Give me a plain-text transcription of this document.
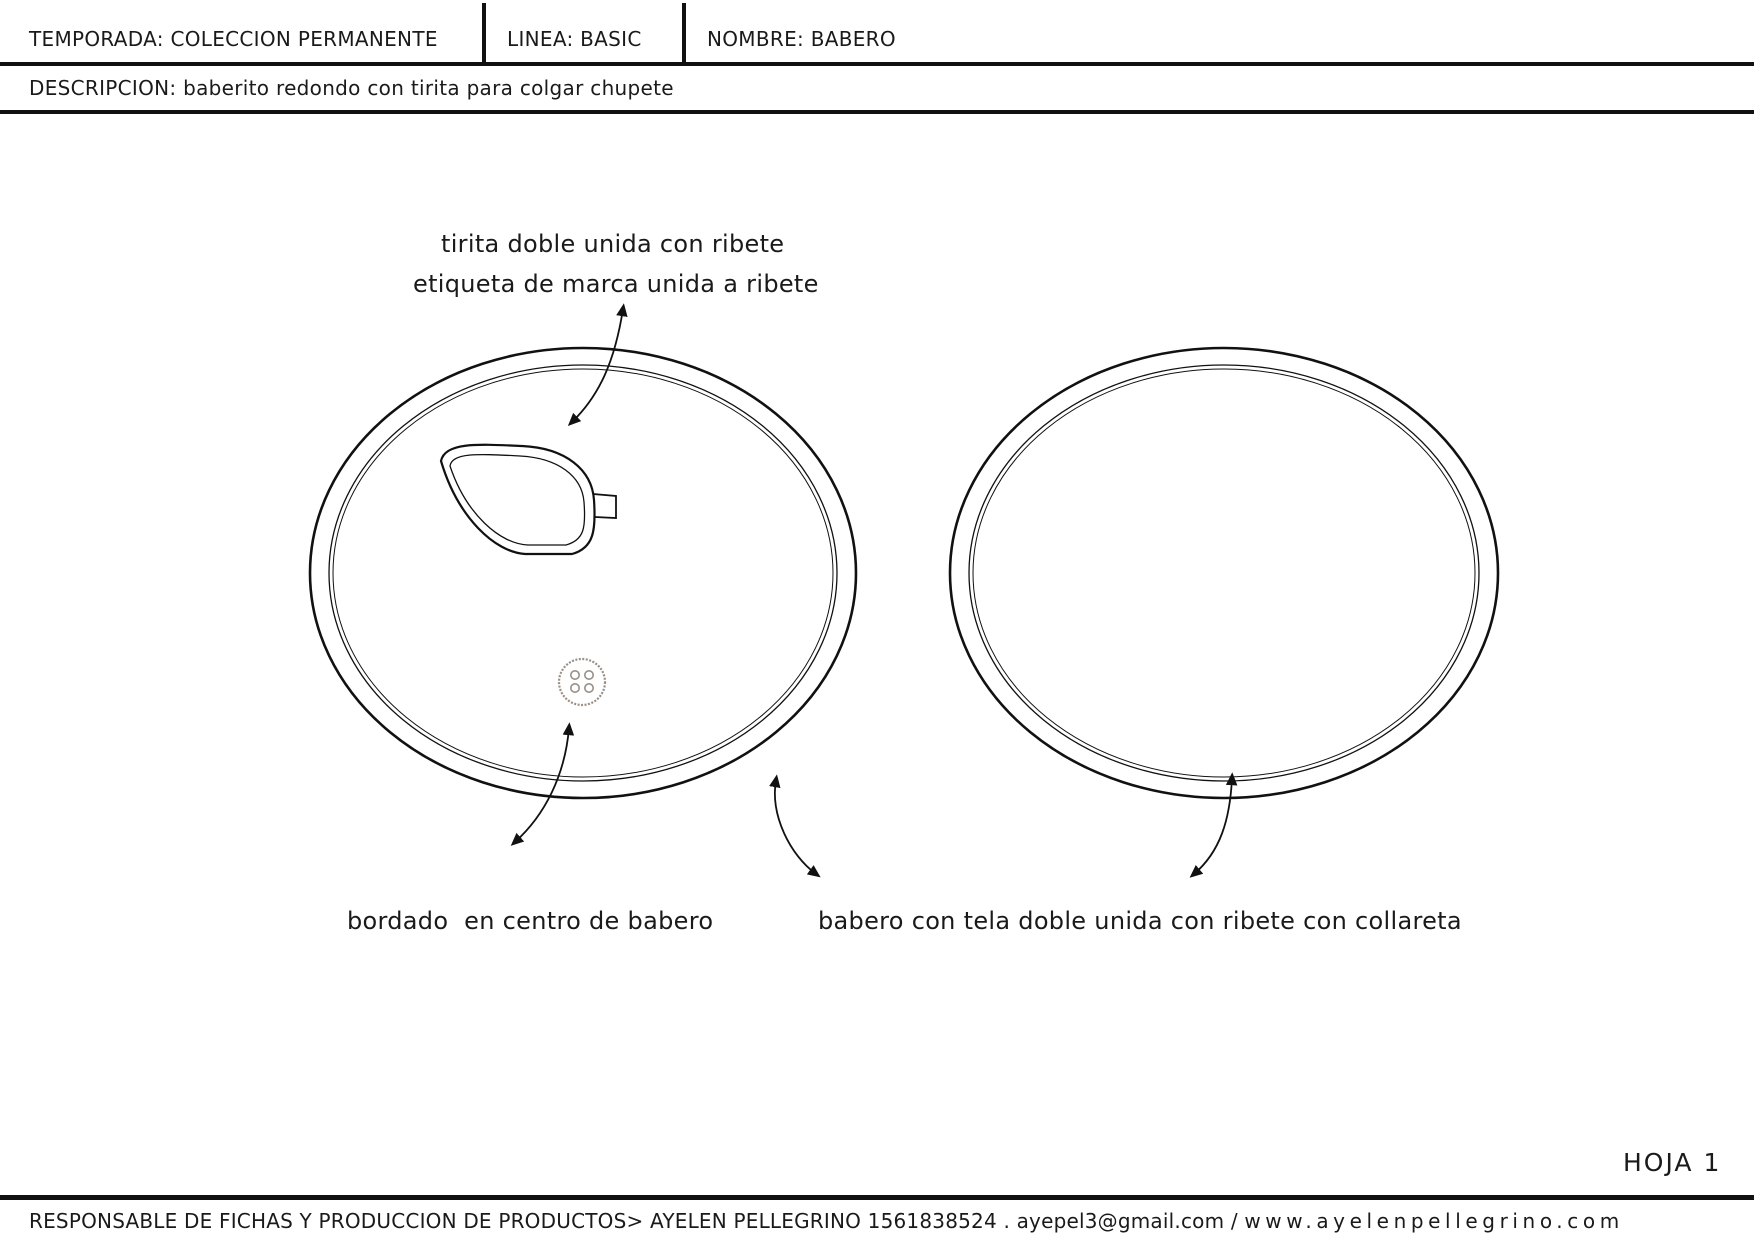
TEMPORADA: COLECCION PERMANENTE	LINEA: BASIC	NOMBRE: BABERO
DESCRIPCION: baberito redondo con tirita para colgar chupete
tirita doble unida con ribete
etiqueta de marca unida a ribete
bordado  en centro de babero	babero con tela doble unida con ribete con collareta
HOJA 1
RESPONSABLE DE FICHAS Y PRODUCCION DE PRODUCTOS> AYELEN PELLEGRINO 1561838524 . ayepel3@gmail.com / www.ayelenpellegrino.com
